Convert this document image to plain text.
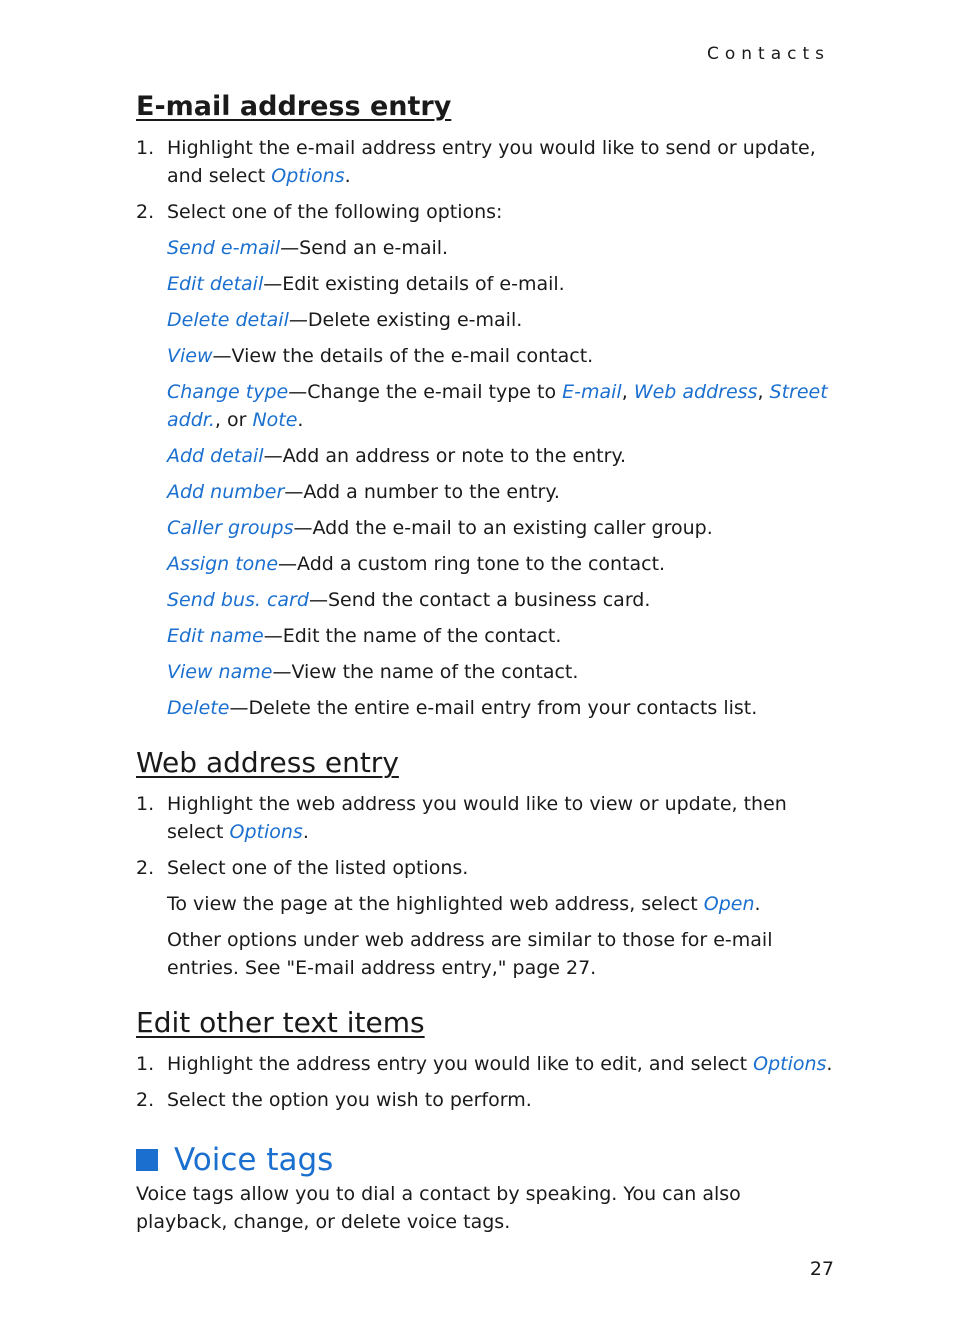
Contacts
E-mail address entry
1. Highlight the e-mail address entry you would like to send or update, and select Options.
2. Select one of the following options:
Send e-mail—Send an e-mail.
Edit detail—Edit existing details of e-mail.
Delete detail—Delete existing e-mail.
View—View the details of the e-mail contact.
Change type—Change the e-mail type to E-mail, Web address, Street addr., or Note.
Add detail—Add an address or note to the entry.
Add number—Add a number to the entry.
Caller groups—Add the e-mail to an existing caller group.
Assign tone—Add a custom ring tone to the contact.
Send bus. card—Send the contact a business card.
Edit name—Edit the name of the contact.
View name—View the name of the contact.
Delete—Delete the entire e-mail entry from your contacts list.
Web address entry
1. Highlight the web address you would like to view or update, then select Options.
2. Select one of the listed options.
To view the page at the highlighted web address, select Open.
Other options under web address are similar to those for e-mail entries. See "E-mail address entry," page 27.
Edit other text items
1. Highlight the address entry you would like to edit, and select Options.
2. Select the option you wish to perform.
Voice tags
Voice tags allow you to dial a contact by speaking. You can also playback, change, or delete voice tags.
27
